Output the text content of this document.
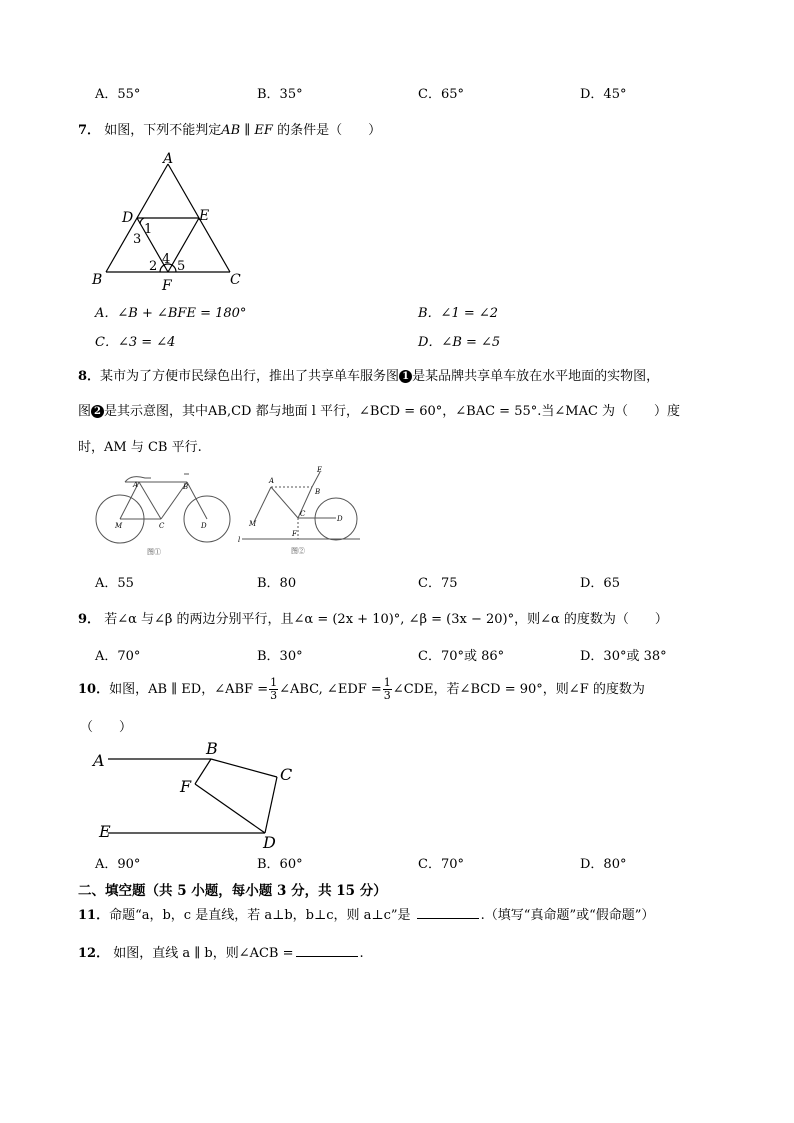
A．55°	B．35°	C．65°	D．45°
7． 如图，下列不能判定AB ∥ EF 的条件是（　　）
A
D	E
B	C
F
1
3
2 4 5
A．∠B + ∠BFE = 180°	B．∠1 = ∠2
C．∠3 = ∠4	D．∠B = ∠5
8．某市为了方便市民绿色出行，推出了共享单车服务图 1 是某品牌共享单车放在水平地面的实物图，
图 2 是其示意图，其中AB,CD 都与地面 l 平行，∠BCD = 60°，∠BAC = 55°.当∠MAC 为（　　）度
时，AM 与 CB 平行.
A	B
C	D
M
图①
A
B
C
D
E
F
M
l
图②
A．55	B．80	C．75	D．65
9． 若∠α 与∠β 的两边分别平行，且∠α = (2x + 10)°, ∠β = (3x − 20)°，则∠α 的度数为（　　）
A．70°	B．30°	C．70°或 86°	D．30°或 38°
10．如图，AB ∥ ED，∠ABF = $\frac{1}{3}$ ∠ABC, ∠EDF = $\frac{1}{3}$ ∠CDE，若∠BCD = 90°，则∠F 的度数为
（　　）
A
B
C
D
E
F
A．90°	B．60°	C．70°	D．80°
二、填空题（共 5 小题，每小题 3 分，共 15 分）
11．命题“a，b，c 是直线，若 a⊥b，b⊥c，则 a⊥c”是	.（填写“真命题”或“假命题”）
12． 如图，直线 a ∥ b，则∠ACB =	.
